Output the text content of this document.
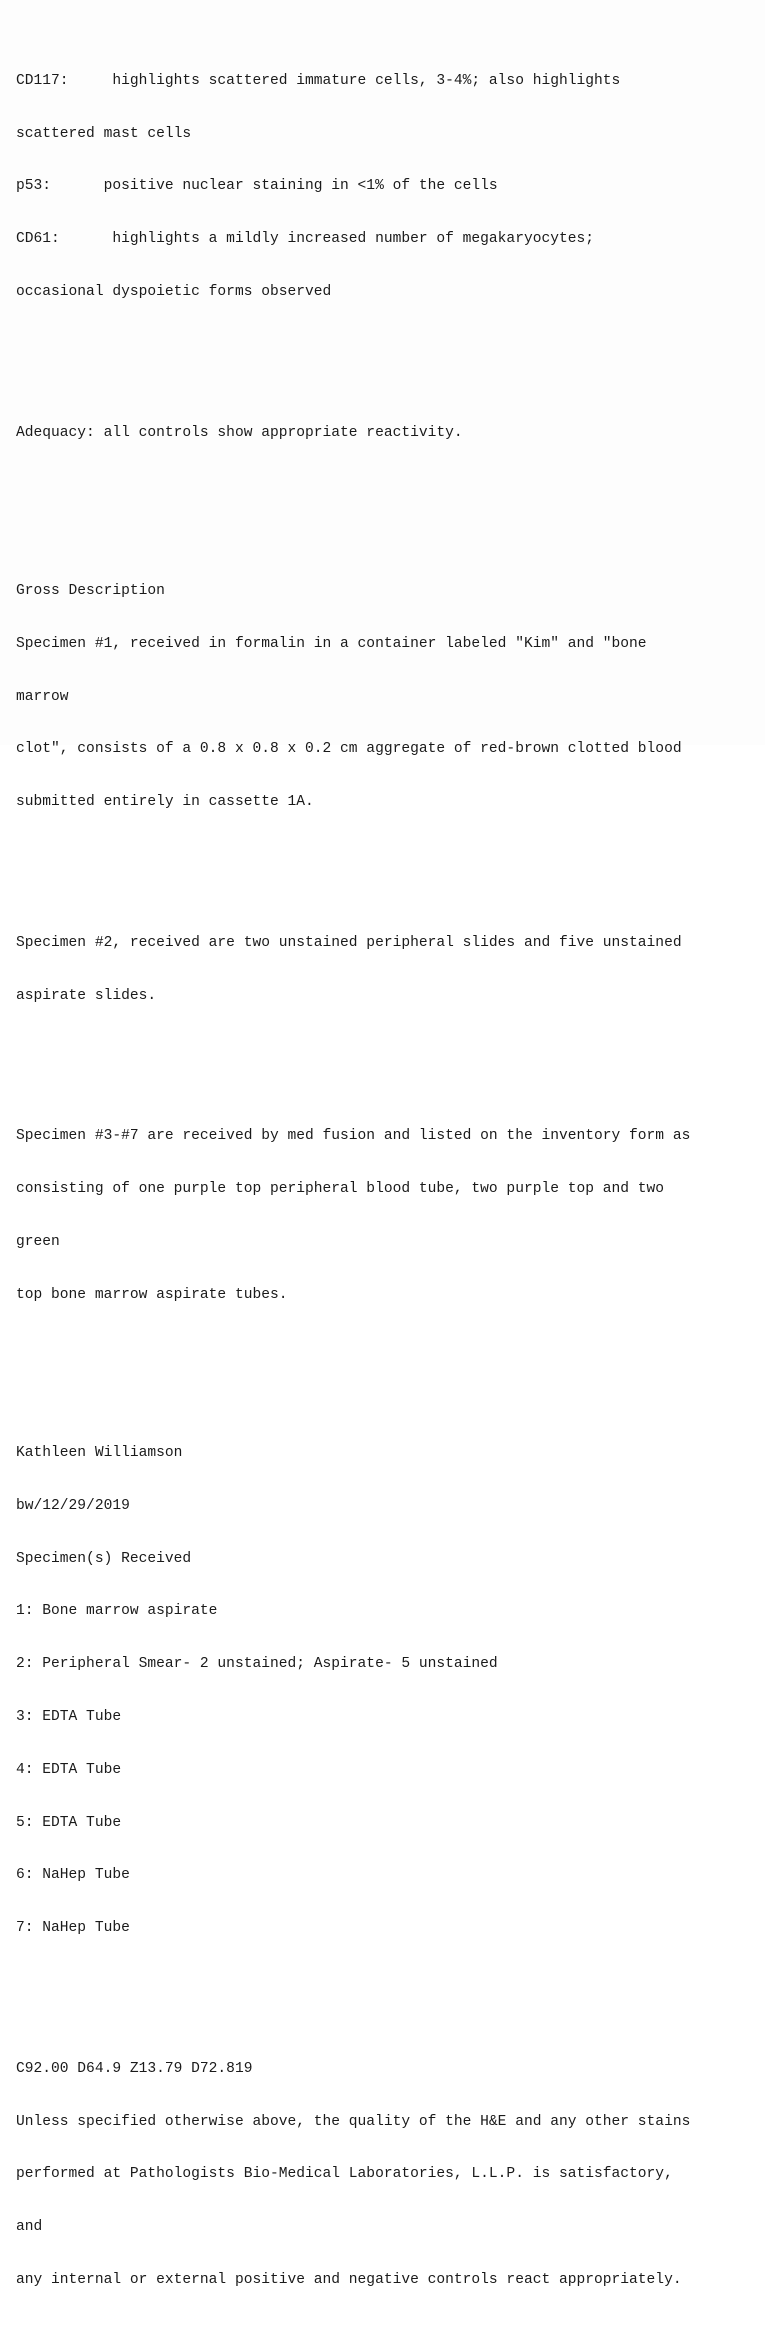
CD117:     highlights scattered immature cells, 3-4%; also highlights

scattered mast cells

p53:      positive nuclear staining in <1% of the cells

CD61:      highlights a mildly increased number of megakaryocytes;

occasional dyspoietic forms observed

Adequacy: all controls show appropriate reactivity.

Gross Description

Specimen #1, received in formalin in a container labeled "Kim" and "bone

marrow

clot", consists of a 0.8 x 0.8 x 0.2 cm aggregate of red-brown clotted blood

submitted entirely in cassette 1A.

Specimen #2, received are two unstained peripheral slides and five unstained

aspirate slides.

Specimen #3-#7 are received by med fusion and listed on the inventory form as

consisting of one purple top peripheral blood tube, two purple top and two

green

top bone marrow aspirate tubes.

Kathleen Williamson

bw/12/29/2019

Specimen(s) Received

1: Bone marrow aspirate

2: Peripheral Smear- 2 unstained; Aspirate- 5 unstained

3: EDTA Tube

4: EDTA Tube

5: EDTA Tube

6: NaHep Tube

7: NaHep Tube

C92.00 D64.9 Z13.79 D72.819

Unless specified otherwise above, the quality of the H&E and any other stains

performed at Pathologists Bio-Medical Laboratories, L.L.P. is satisfactory,

and

any internal or external positive and negative controls react appropriately.
